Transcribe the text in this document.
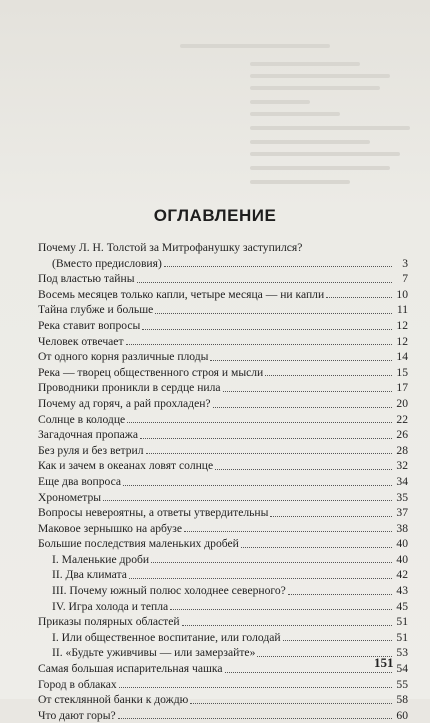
ОГЛАВЛЕНИЕ
Почему Л. Н. Толстой за Митрофанушку заступился?
(Вместо предисловия)	3
Под властью тайны	7
Восемь месяцев только капли, четыре месяца — ни капли	10
Тайна глубже и больше	11
Река ставит вопросы	12
Человек отвечает	12
От одного корня различные плоды	14
Река — творец общественного строя и мысли	15
Проводники проникли в сердце нила	17
Почему ад горяч, а рай прохладен?	20
Солнце в колодце	22
Загадочная пропажа	26
Без руля и без ветрил	28
Как и зачем в океанах ловят солнце	32
Еще два вопроса	34
Хронометры	35
Вопросы невероятны, а ответы утвердительны	37
Маковое зернышко на арбузе	38
Большие последствия маленьких дробей	40
I. Маленькие дроби	40
II. Два климата	42
III. Почему южный полюс холоднее северного?	43
IV. Игра холода и тепла	45
Приказы полярных областей	51
I. Или общественное воспитание, или голодай	51
II. «Будьте уживчивы — или замерзайте»	53
Самая большая испарительная чашка	54
Город в облаках	55
От стеклянной банки к дождю	58
Что дают горы?	60
151
